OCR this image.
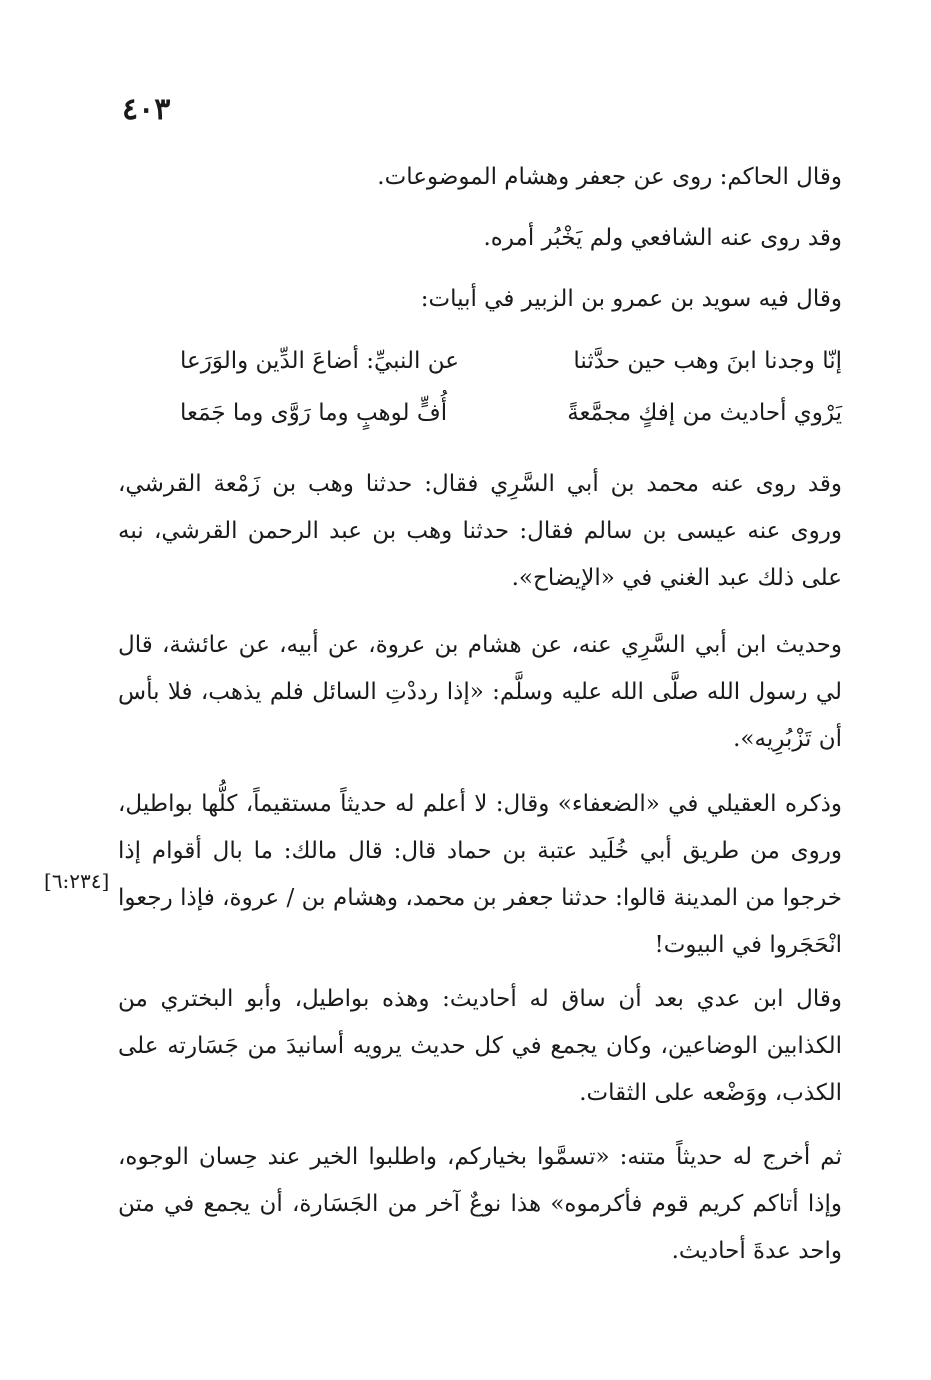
٤٠٣
وقال الحاكم: روى عن جعفر وهشام الموضوعات.
وقد روى عنه الشافعي ولم يَخْبُر أمره.
وقال فيه سويد بن عمرو بن الزبير في أبيات:
إنّا وجدنا ابنَ وهب حين حدَّثنا
عن النبيِّ: أضاعَ الدِّين والوَرَعا
يَرْوي أحاديث من إفكٍ مجمَّعةً
أُفٍّ لوهبٍ وما رَوَّى وما جَمَعا
وقد روى عنه محمد بن أبي السَّرِي فقال: حدثنا وهب بن زَمْعة القرشي، وروى عنه عيسى بن سالم فقال: حدثنا وهب بن عبد الرحمن القرشي، نبه على ذلك عبد الغني في «الإيضاح».
وحديث ابن أبي السَّرِي عنه، عن هشام بن عروة، عن أبيه، عن عائشة، قال لي رسول الله صلَّى الله عليه وسلَّم: «إذا رددْتِ السائل فلم يذهب، فلا بأس أن تَزْبُرِيه».
وذكره العقيلي في «الضعفاء» وقال: لا أعلم له حديثاً مستقيماً، كلُّها بواطيل، وروى من طريق أبي خُلَيد عتبة بن حماد قال: قال مالك: ما بال أقوام إذا خرجوا من المدينة قالوا: حدثنا جعفر بن محمد، وهشام بن / عروة، فإذا رجعوا انْحَجَروا في البيوت!
وقال ابن عدي بعد أن ساق له أحاديث: وهذه بواطيل، وأبو البختري من الكذابين الوضاعين، وكان يجمع في كل حديث يرويه أسانيدَ من جَسَارته على الكذب، ووَضْعه على الثقات.
ثم أخرج له حديثاً متنه: «تسمَّوا بخياركم، واطلبوا الخير عند حِسان الوجوه، وإذا أتاكم كريم قوم فأكرموه» هذا نوعٌ آخر من الجَسَارة، أن يجمع في متن واحد عدةَ أحاديث.
[٦:٢٣٤]
